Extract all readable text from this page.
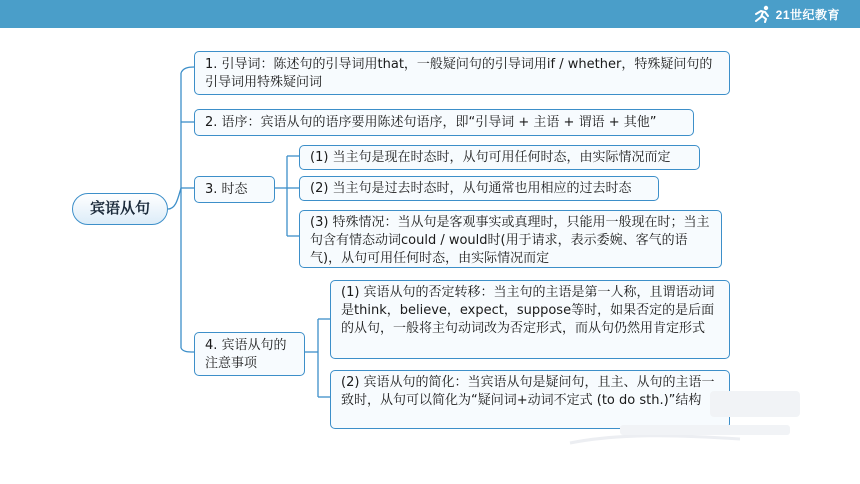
21世纪教育
宾语从句
1. 引导词：陈述句的引导词用that，一般疑问句的引导词用if / whether，特殊疑问句的引导词用特殊疑问词
2. 语序：宾语从句的语序要用陈述句语序，即“引导词 + 主语 + 谓语 + 其他”
3. 时态
(1) 当主句是现在时态时，从句可用任何时态，由实际情况而定
(2) 当主句是过去时态时，从句通常也用相应的过去时态
(3) 特殊情况：当从句是客观事实或真理时，只能用一般现在时；当主句含有情态动词could / would时(用于请求，表示委婉、客气的语气)，从句可用任何时态，由实际情况而定
4. 宾语从句的
注意事项
(1) 宾语从句的否定转移：当主句的主语是第一人称，且谓语动词是think，believe，expect，suppose等时，如果否定的是后面的从句，一般将主句动词改为否定形式，而从句仍然用肯定形式
(2) 宾语从句的简化：当宾语从句是疑问句，且主、从句的主语一致时，从句可以简化为“疑问词+动词不定式 (to do sth.)”结构
